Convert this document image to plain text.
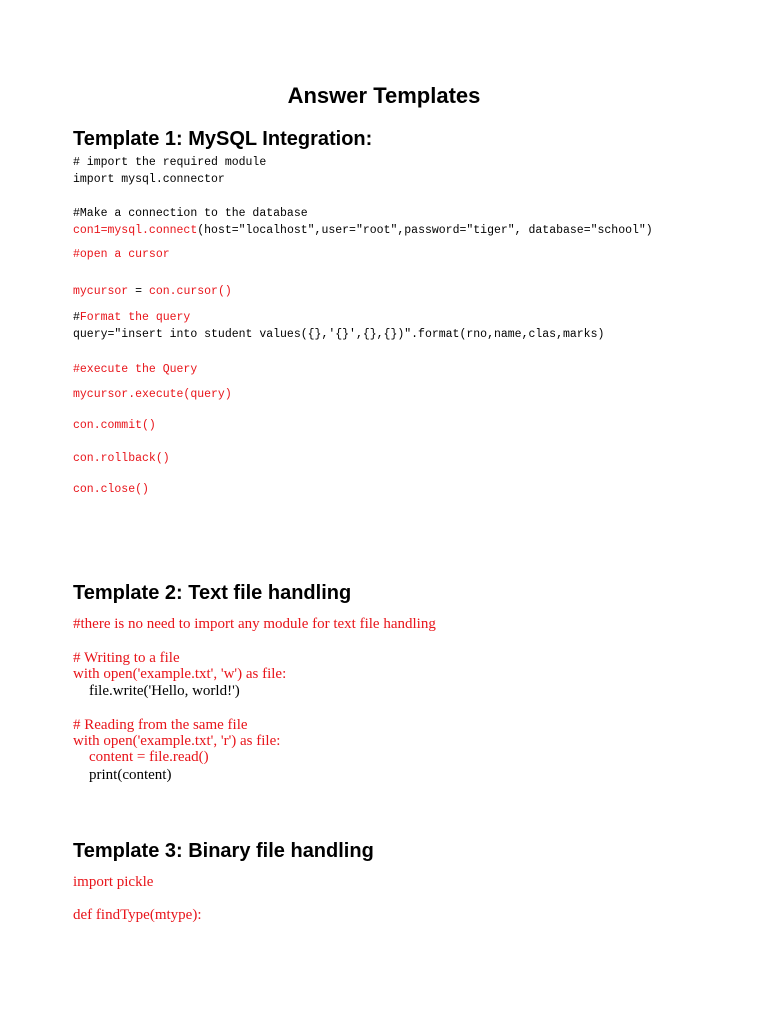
Answer Templates
Template 1: MySQL Integration:
# import the required module
import mysql.connector
#Make a connection to the database
con1=mysql.connect(host="localhost",user="root",password="tiger", database="school")
#open a cursor
mycursor = con.cursor()
#Format the query
query="insert into student values({},'{}',{},{})".format(rno,name,clas,marks)
#execute the Query
mycursor.execute(query)
con.commit()
con.rollback()
con.close()
Template 2: Text file handling
#there is no need to import any module for text file handling
# Writing to a file
with open('example.txt', 'w') as file:
file.write('Hello, world!')
# Reading from the same file
with open('example.txt', 'r') as file:
content = file.read()
print(content)
Template 3: Binary file handling
import pickle
def findType(mtype):
